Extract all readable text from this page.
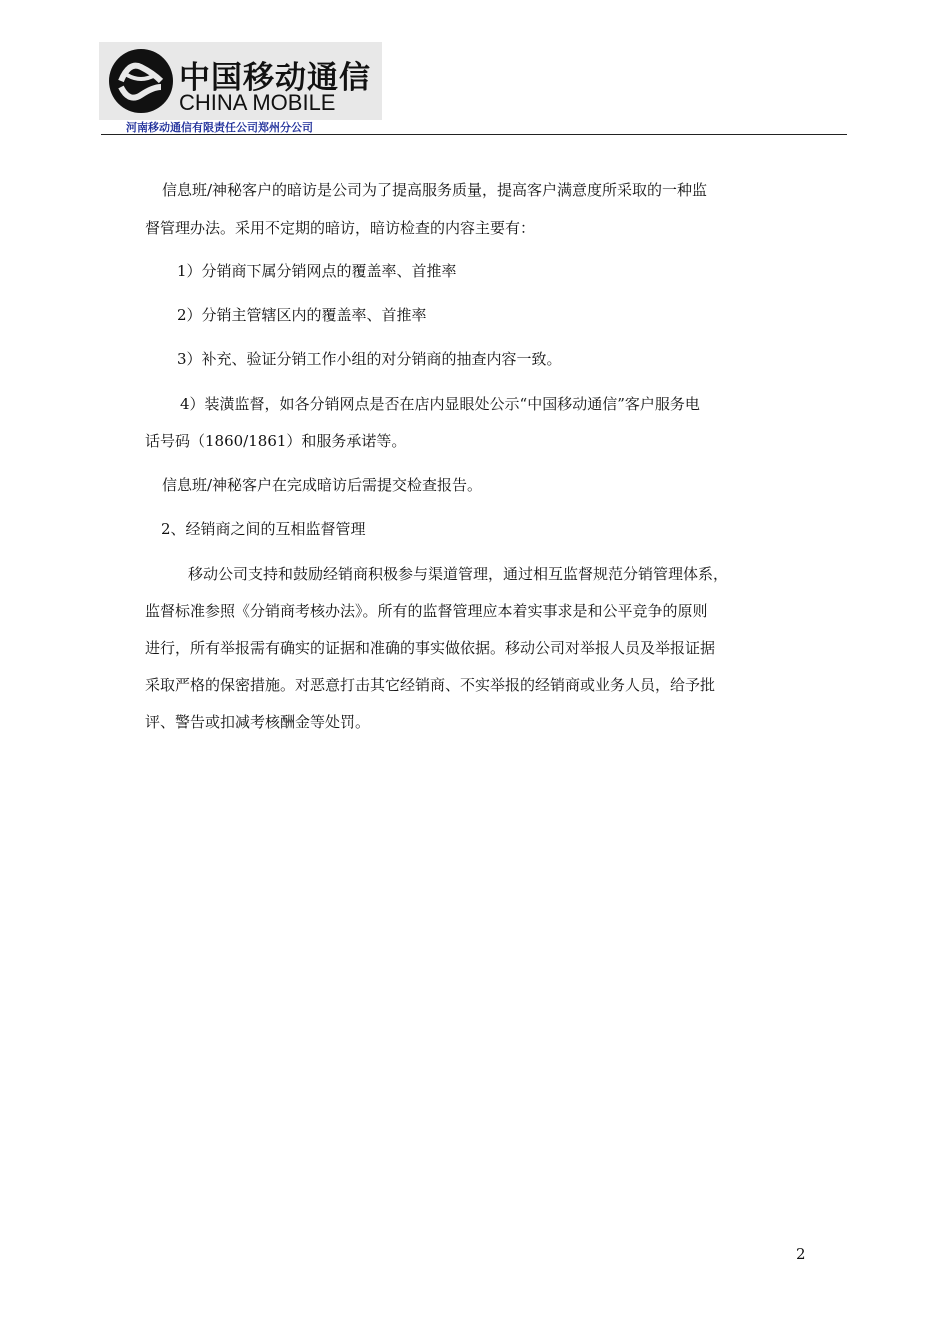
中国移动通信
CHINA MOBILE
河南移动通信有限责任公司郑州分公司

信息班/神秘客户的暗访是公司为了提高服务质量，提高客户满意度所采取的一种监

督管理办法。采用不定期的暗访，暗访检查的内容主要有：

1）分销商下属分销网点的覆盖率、首推率

2）分销主管辖区内的覆盖率、首推率

3）补充、验证分销工作小组的对分销商的抽查内容一致。

4）装潢监督，如各分销网点是否在店内显眼处公示“中国移动通信”客户服务电

话号码（1860/1861）和服务承诺等。

信息班/神秘客户在完成暗访后需提交检查报告。

2、经销商之间的互相监督管理

移动公司支持和鼓励经销商积极参与渠道管理，通过相互监督规范分销管理体系，

监督标准参照《分销商考核办法》。所有的监督管理应本着实事求是和公平竞争的原则

进行，所有举报需有确实的证据和准确的事实做依据。移动公司对举报人员及举报证据

采取严格的保密措施。对恶意打击其它经销商、不实举报的经销商或业务人员，给予批

评、警告或扣减考核酬金等处罚。

2
